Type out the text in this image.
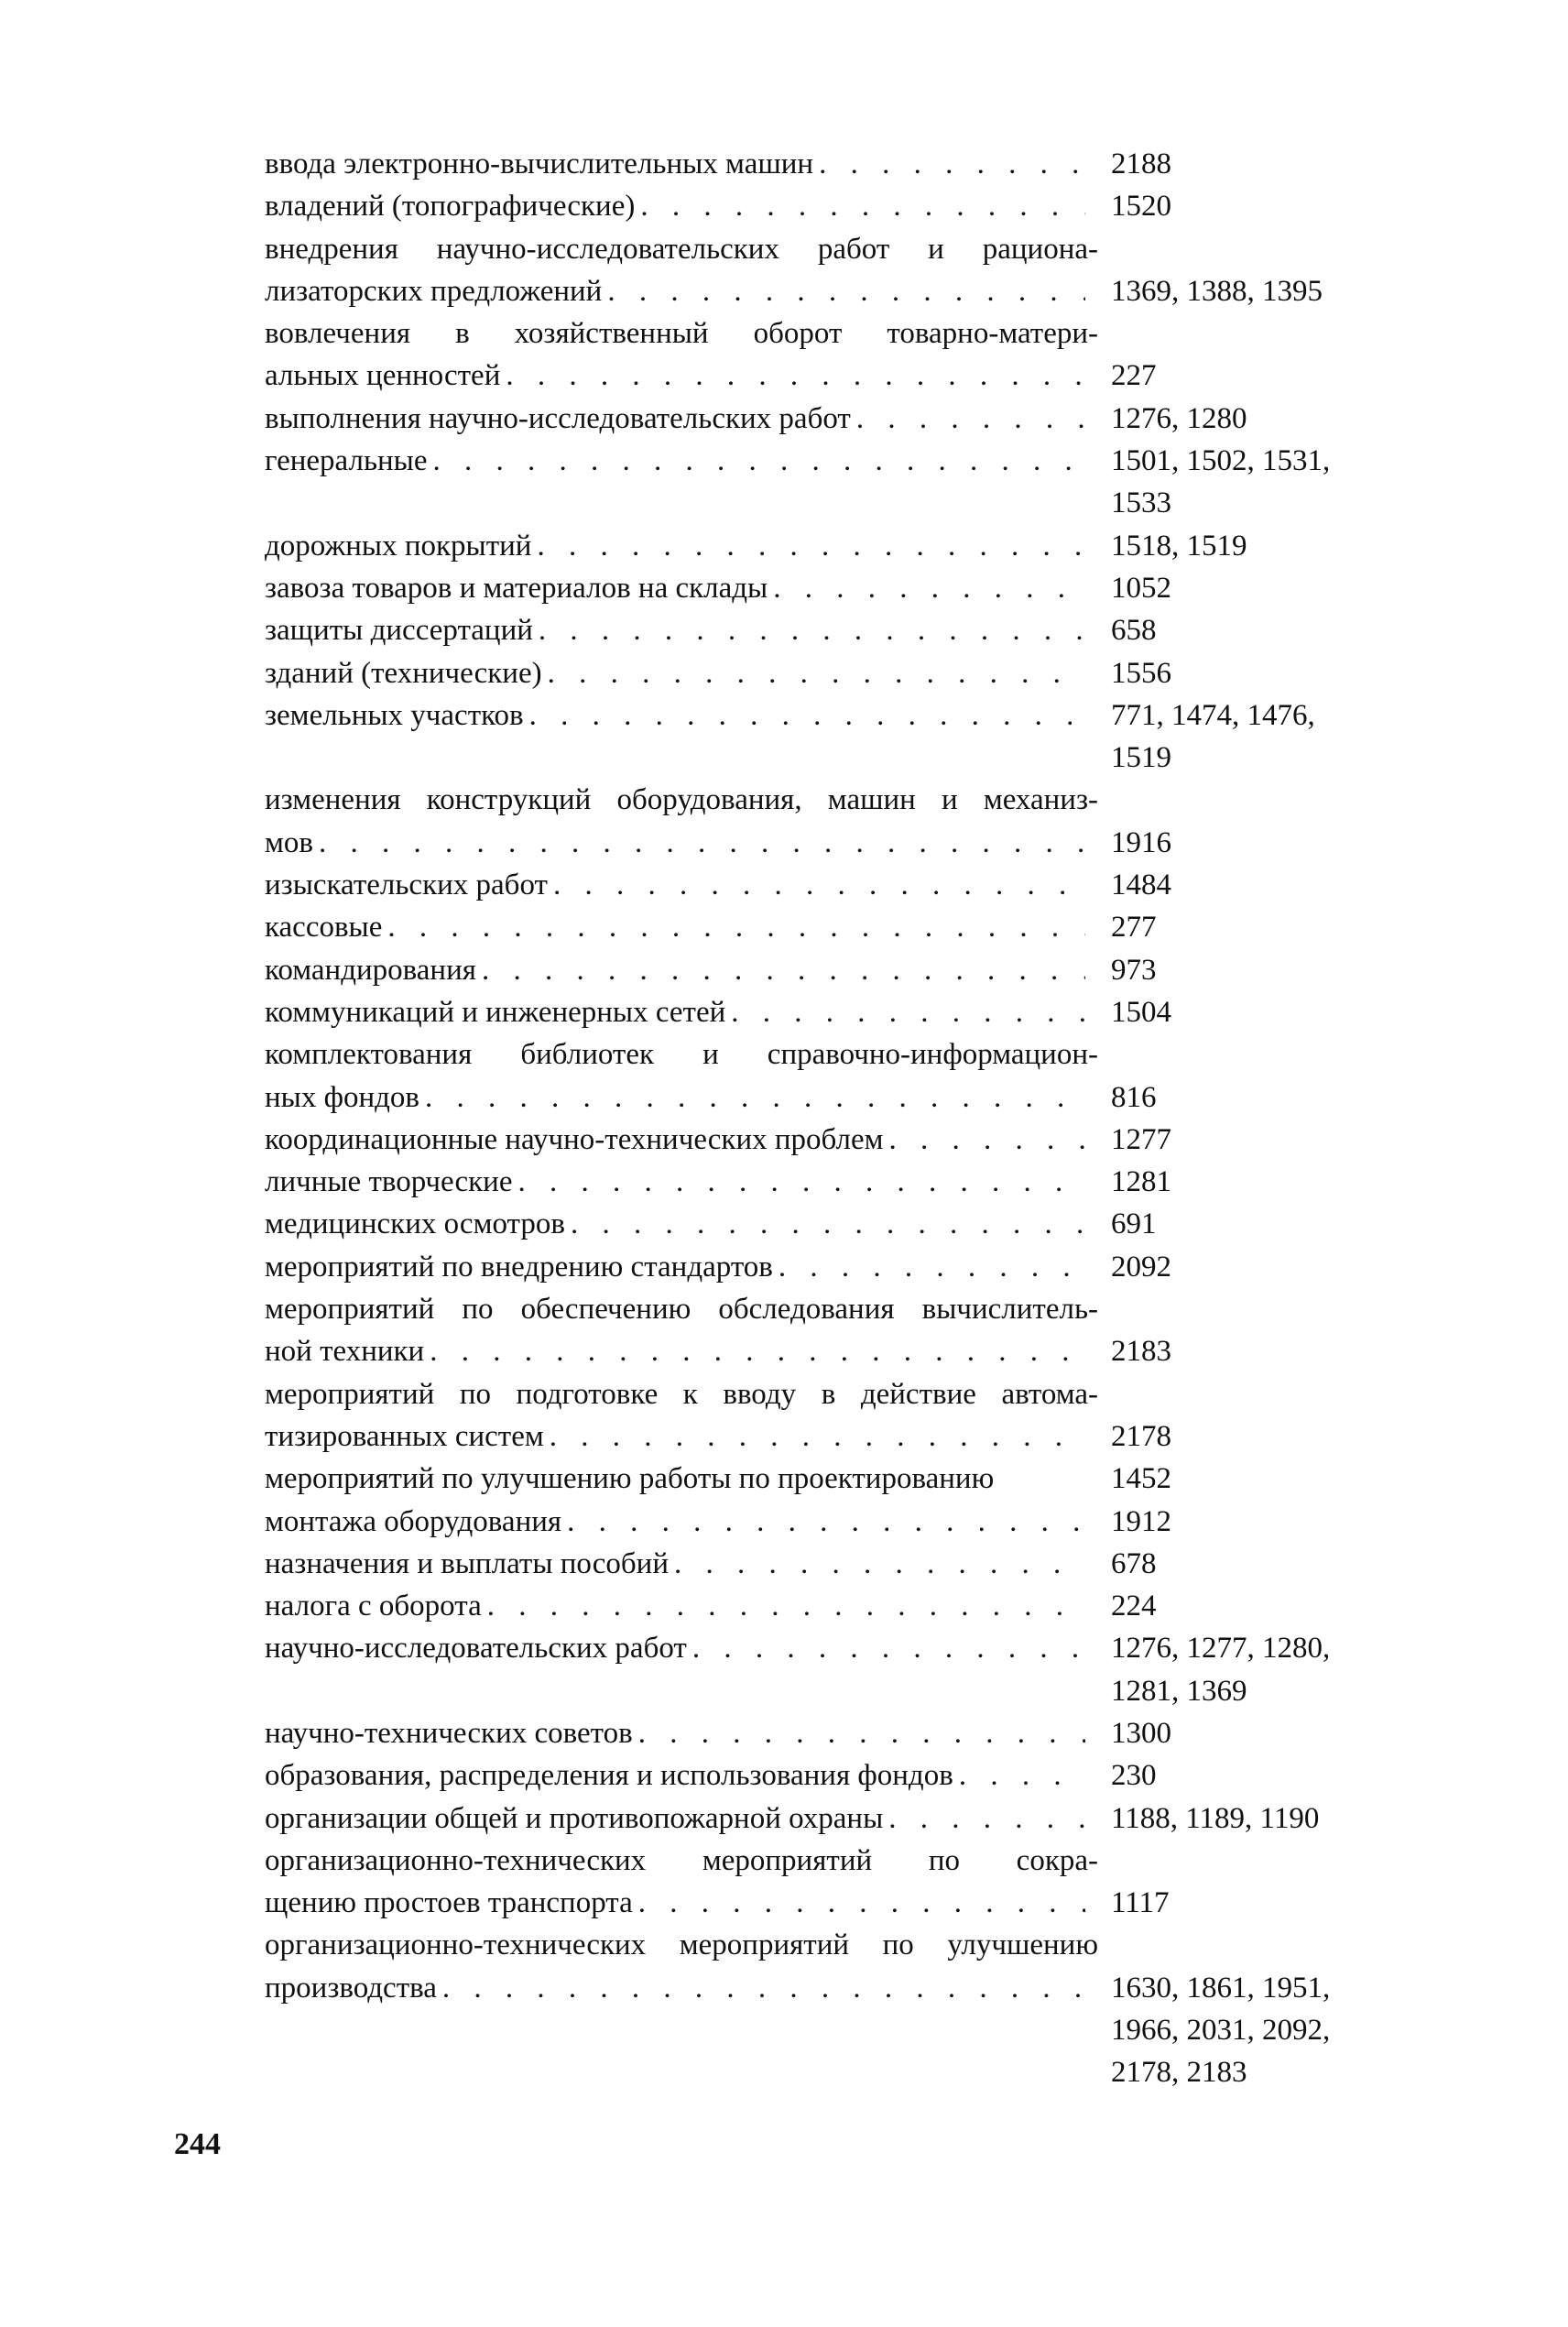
ввода электронно-вычислительных машин . . .	2188
владений (топографические) . . .	1520
внедрения научно-исследовательских работ и рациона-
лизаторских предложений . . .	1369, 1388, 1395
вовлечения в хозяйственный оборот товарно-матери-
альных ценностей . . .	227
выполнения научно-исследовательских работ . . .	1276, 1280
генеральные . . .	1501, 1502, 1531,
1533
дорожных покрытий . . .	1518, 1519
завоза товаров и материалов на склады . . .	1052
защиты диссертаций . . .	658
зданий (технические) . . .	1556
земельных участков . . .	771, 1474, 1476,
1519
изменения конструкций оборудования, машин и механиз-
мов . . .	1916
изыскательских работ . . .	1484
кассовые . . .	277
командирования . . .	973
коммуникаций и инженерных сетей . . .	1504
комплектования библиотек и справочно-информацион-
ных фондов . . .	816
координационные научно-технических проблем . . .	1277
личные творческие . . .	1281
медицинских осмотров . . .	691
мероприятий по внедрению стандартов . . .	2092
мероприятий по обеспечению обследования вычислитель-
ной техники . . .	2183
мероприятий по подготовке к вводу в действие автома-
тизированных систем . . .	2178
мероприятий по улучшению работы по проектированию	1452
монтажа оборудования . . .	1912
назначения и выплаты пособий . . .	678
налога с оборота . . .	224
научно-исследовательских работ . . .	1276, 1277, 1280,
1281, 1369
научно-технических советов . . .	1300
образования, распределения и использования фондов . . .	230
организации общей и противопожарной охраны . . .	1188, 1189, 1190
организационно-технических мероприятий по сокра-
щению простоев транспорта . . .	1117
организационно-технических мероприятий по улучшению
производства . . .	1630, 1861, 1951,
1966, 2031, 2092,
2178, 2183
244
